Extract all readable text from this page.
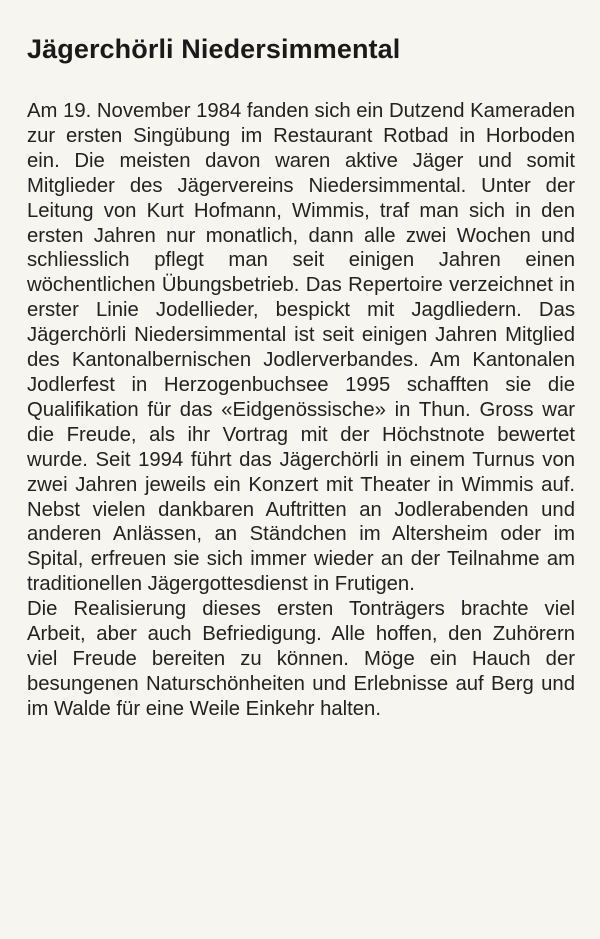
Jägerchörli Niedersimmental

Am 19. November 1984 fanden sich ein Dutzend Kameraden zur ersten Singübung im Restaurant Rotbad in Horboden ein. Die meisten davon waren aktive Jäger und somit Mitglieder des Jägervereins Niedersimmental. Unter der Leitung von Kurt Hofmann, Wimmis, traf man sich in den ersten Jahren nur monatlich, dann alle zwei Wochen und schliesslich pflegt man seit einigen Jahren einen wöchentlichen Übungsbetrieb. Das Repertoire verzeichnet in erster Linie Jodellieder, bespickt mit Jagdliedern. Das Jägerchörli Niedersimmental ist seit einigen Jahren Mitglied des Kantonalbernischen Jodlerverbandes. Am Kantonalen Jodlerfest in Herzogenbuchsee 1995 schafften sie die Qualifikation für das «Eidgenössische» in Thun. Gross war die Freude, als ihr Vortrag mit der Höchstnote bewertet wurde. Seit 1994 führt das Jägerchörli in einem Turnus von zwei Jahren jeweils ein Konzert mit Theater in Wimmis auf. Nebst vielen dankbaren Auftritten an Jodlerabenden und anderen Anlässen, an Ständchen im Altersheim oder im Spital, erfreuen sie sich immer wieder an der Teilnahme am traditionellen Jägergottesdienst in Frutigen.

Die Realisierung dieses ersten Tonträgers brachte viel Arbeit, aber auch Befriedigung. Alle hoffen, den Zuhörern viel Freude bereiten zu können. Möge ein Hauch der besungenen Naturschönheiten und Erlebnisse auf Berg und im Walde für eine Weile Einkehr halten.
